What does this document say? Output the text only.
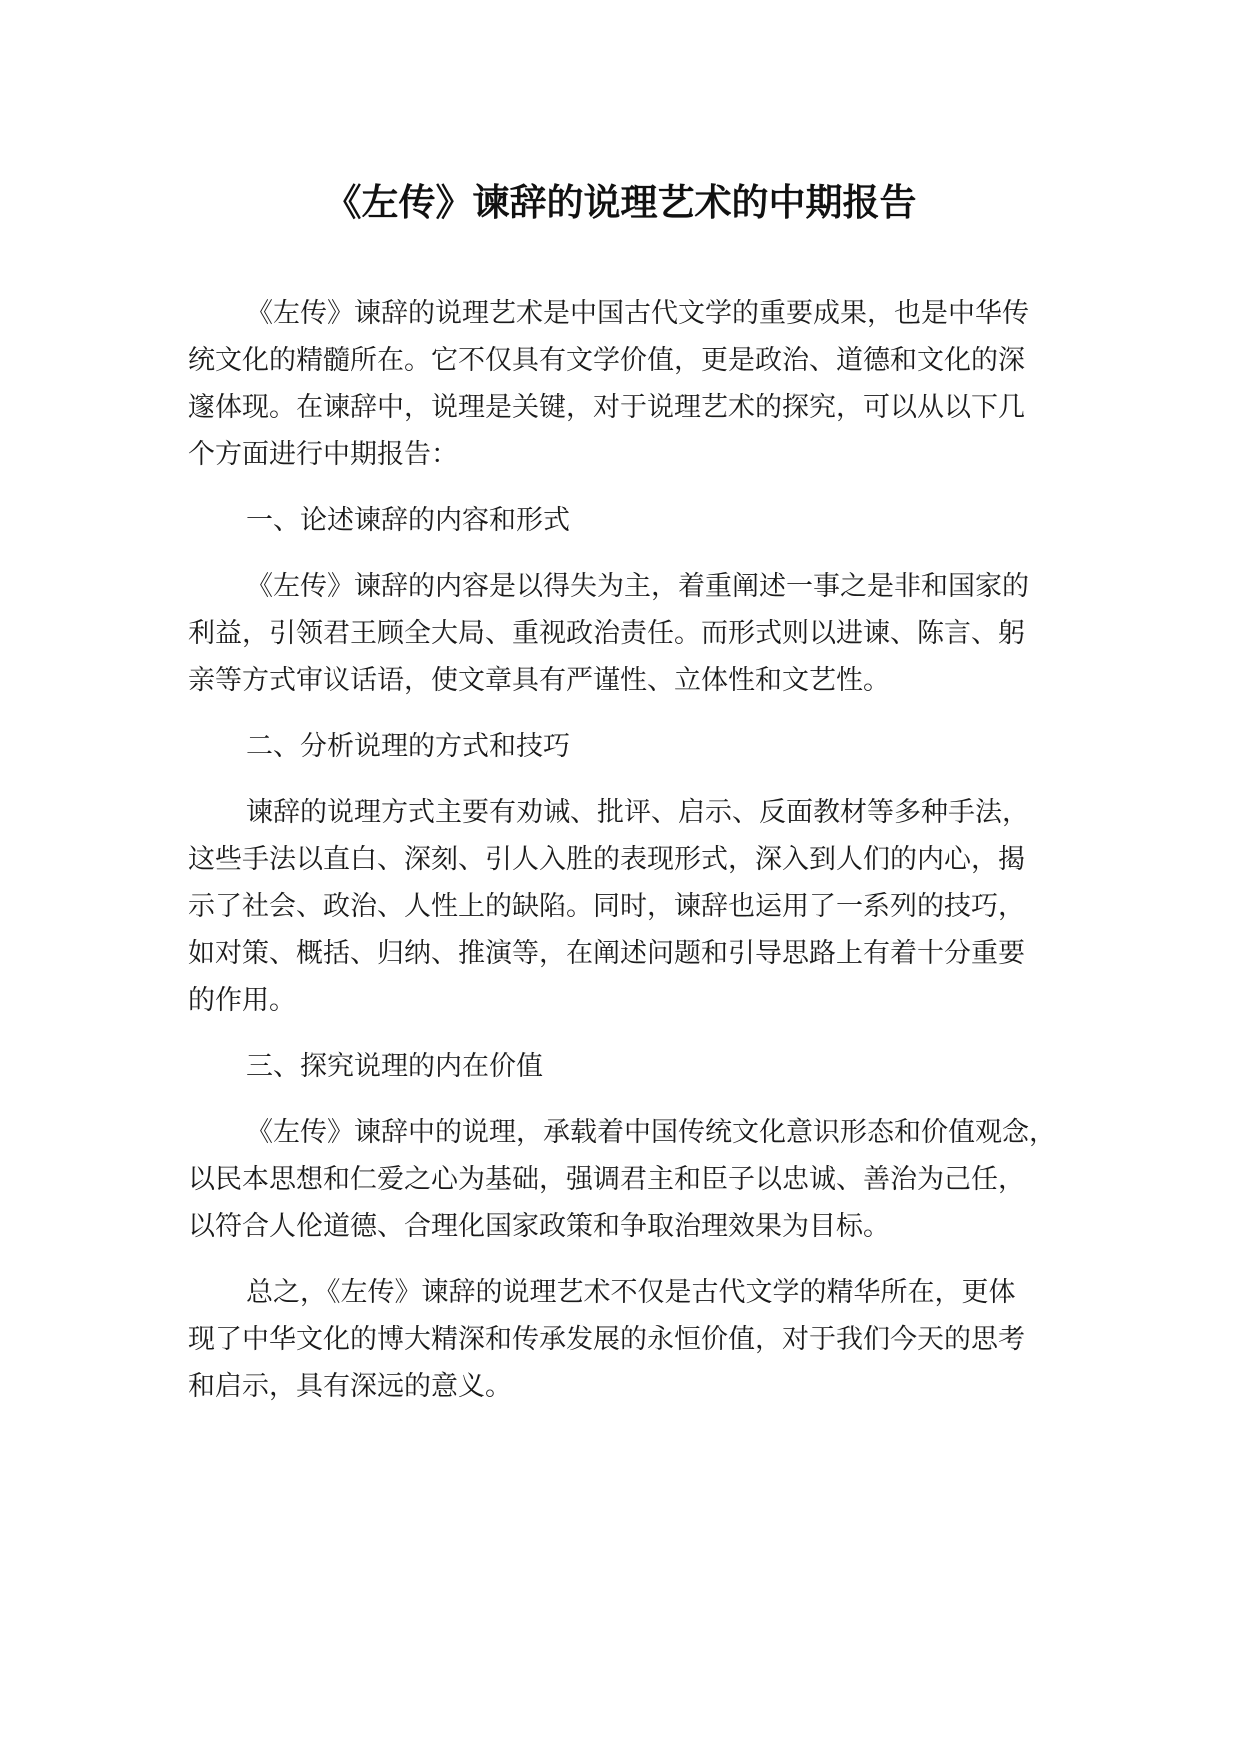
《左传》谏辞的说理艺术的中期报告
《左传》谏辞的说理艺术是中国古代文学的重要成果，也是中华传
统文化的精髓所在。它不仅具有文学价值，更是政治、道德和文化的深
邃体现。在谏辞中，说理是关键，对于说理艺术的探究，可以从以下几
个方面进行中期报告：
一、论述谏辞的内容和形式
《左传》谏辞的内容是以得失为主，着重阐述一事之是非和国家的
利益，引领君王顾全大局、重视政治责任。而形式则以进谏、陈言、躬
亲等方式审议话语，使文章具有严谨性、立体性和文艺性。
二、分析说理的方式和技巧
谏辞的说理方式主要有劝诫、批评、启示、反面教材等多种手法，
这些手法以直白、深刻、引人入胜的表现形式，深入到人们的内心，揭
示了社会、政治、人性上的缺陷。同时，谏辞也运用了一系列的技巧，
如对策、概括、归纳、推演等，在阐述问题和引导思路上有着十分重要
的作用。
三、探究说理的内在价值
《左传》谏辞中的说理，承载着中国传统文化意识形态和价值观念，
以民本思想和仁爱之心为基础，强调君主和臣子以忠诚、善治为己任，
以符合人伦道德、合理化国家政策和争取治理效果为目标。
总之，《左传》谏辞的说理艺术不仅是古代文学的精华所在，更体
现了中华文化的博大精深和传承发展的永恒价值，对于我们今天的思考
和启示，具有深远的意义。
